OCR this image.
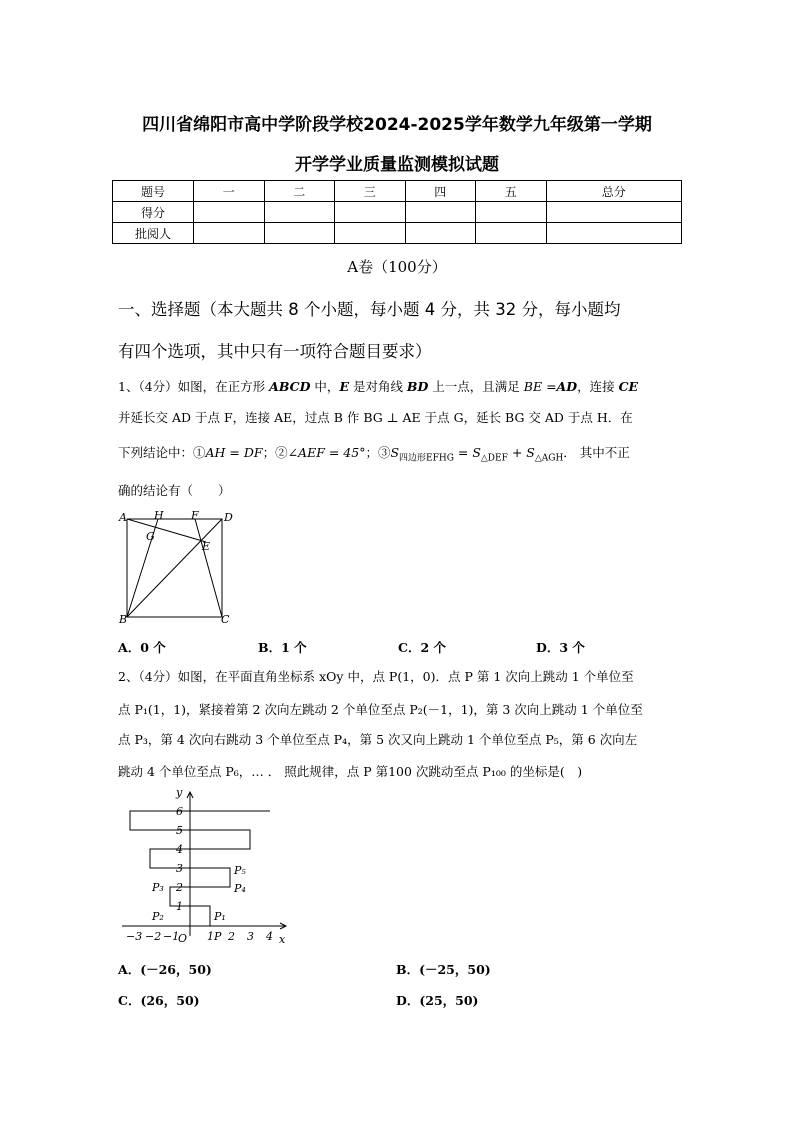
四川省绵阳市高中学阶段学校2024-2025学年数学九年级第一学期
开学学业质量监测模拟试题
题号	一	二	三	四	五	总分
得分						
批阅人						
A卷（100分）
一、选择题（本大题共 8 个小题，每小题 4 分，共 32 分，每小题均
有四个选项，其中只有一项符合题目要求）
1、（4分）如图，在正方形 ABCD 中，E 是对角线 BD 上一点，且满足 BE =AD，连接 CE
并延长交 AD 于点 F，连接 AE，过点 B 作 BG ⊥ AE 于点 G，延长 BG 交 AD 于点 H．在
下列结论中：①AH = DF；②∠AEF = 45°；$③S_{四边形EFHG} = S_{\triangle DEF} + S_{\triangle AGH}$． 其中不正
确的结论有（　　）
A H F D
G
E
B	C
A．0 个	B．1 个	C．2 个	D．3 个
2、（4分）如图，在平面直角坐标系 xOy 中，点 P(1，0)．点 P 第 1 次向上跳动 1 个单位至
点 P₁(1，1)，紧接着第 2 次向左跳动 2 个单位至点 P₂(－1，1)，第 3 次向上跳动 1 个单位至
点 P₃，第 4 次向右跳动 3 个单位至点 P₄，第 5 次又向上跳动 1 个单位至点 P₅，第 6 次向左
跳动 4 个单位至点 P₆，… ． 照此规律，点 P 第100 次跳动至点 P₁₀₀ 的坐标是(　)
−3 −2 −1
O 1 P 2 3 4 x
1
2
3
4
5
6
y
P₁
P₂
P₃	P₄
P₅
A．(－26，50)	B．(－25，50)
C．(26，50)	D．(25，50)
